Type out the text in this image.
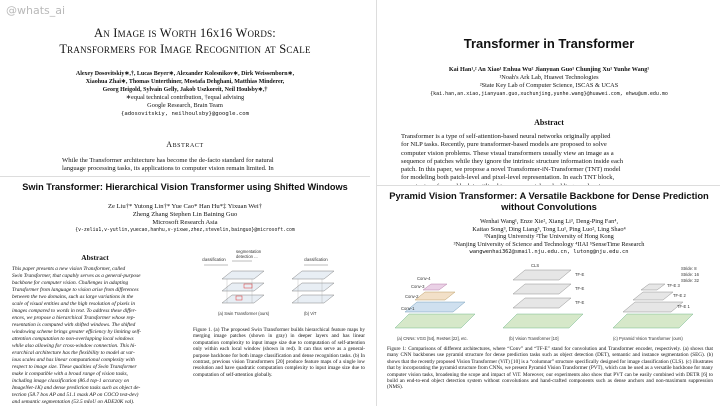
@whats_ai
An Image is Worth 16x16 Words:
Transformers for Image Recognition at Scale
Alexey Dosovitskiy∗,†, Lucas Beyer∗, Alexander Kolesnikov∗, Dirk Weissenborn∗,
Xiaohua Zhai∗, Thomas Unterthiner, Mostafa Dehghani, Matthias Minderer,
Georg Heigold, Sylvain Gelly, Jakob Uszkoreit, Neil Houlsby∗,†
∗equal technical contribution, †equal advising
Google Research, Brain Team
{adosovitskiy, neilhoulsby}@google.com
Abstract
While the Transformer architecture has become the de-facto standard for natural
language processing tasks, its applications to computer vision remain limited. In
Swin Transformer: Hierarchical Vision Transformer using Shifted Windows
Ze Liu†* Yutong Lin†* Yue Cao* Han Hu*‡ Yixuan Wei†
Zheng Zhang Stephen Lin Baining Guo
Microsoft Research Asia
{v-zeliu1,v-yutlin,yuecao,hanhu,v-yixwe,zhez,stevelin,bainguo}@microsoft.com
Abstract
This paper presents a new vision Transformer, called
Swin Transformer, that capably serves as a general-purpose
backbone for computer vision. Challenges in adapting
Transformer from language to vision arise from differences
between the two domains, such as large variations in the
scale of visual entities and the high resolution of pixels in
images compared to words in text. To address these differ-
ences, we propose a hierarchical Transformer whose rep-
resentation is computed with shifted windows. The shifted
windowing scheme brings greater efficiency by limiting self-
attention computation to non-overlapping local windows
while also allowing for cross-window connection. This hi-
erarchical architecture has the flexibility to model at var-
ious scales and has linear computational complexity with
respect to image size. These qualities of Swin Transformer
make it compatible with a broad range of vision tasks,
including image classification (86.4 top-1 accuracy on
ImageNet-1K) and dense prediction tasks such as object de-
tection (58.7 box AP and 51.1 mask AP on COCO test-dev)
and semantic segmentation (53.5 mIoU on ADE20K val).
classification
segmentation
detection ...
classification
(a) Swin Transformer (ours)	(b) ViT
Figure 1. (a) The proposed Swin Transformer builds hierarchical feature maps by merging image patches (shown in gray) in deeper layers and has linear computation complexity to input image size due to computation of self-attention only within each local window (shown in red). It can thus serve as a general-purpose backbone for both image classification and dense recognition tasks. (b) In contrast, previous vision Transformers [20] produce feature maps of a single low resolution and have quadratic computation complexity to input image size due to computation of self-attention globally.
Transformer in Transformer
Kai Han¹,² An Xiao¹ Enhua Wu² Jianyuan Guo¹ Chunjing Xu¹ Yunhe Wang¹
¹Noah's Ark Lab, Huawei Technologies
²State Key Lab of Computer Science, ISCAS & UCAS
{kai.han,an.xiao,jianyuan.guo,xuchunjing,yunhe.wang}@huawei.com, ehwu@um.edu.mo
Abstract
Transformer is a type of self-attention-based neural networks originally applied
for NLP tasks. Recently, pure transformer-based models are proposed to solve
computer vision problems. These visual transformers usually view an image as a
sequence of patches while they ignore the intrinsic structure information inside each
patch. In this paper, we propose a novel Transformer-iN-Transformer (TNT) model
for modeling both patch-level and pixel-level representation. In each TNT block,
Pyramid Vision Transformer: A Versatile Backbone for Dense Prediction
without Convolutions
Wenhai Wang¹, Enze Xie², Xiang Li³, Deng-Ping Fan⁴,
Kaitao Song³, Ding Liang⁵, Tong Lu¹, Ping Luo², Ling Shao⁴
¹Nanjing University ²The University of Hong Kong
³Nanjing University of Science and Technology ⁴IIAI ⁵SenseTime Research
wangwenhai362@smail.nju.edu.cn, lutong@nju.edu.cn
Conv-1
Conv-2
Conv-3
Conv-4
TF-E
TF-E
TF-E
CLS
TF-E 1
TF-E 2
TF-E 3
Stride: 8
Stride: 16
Stride: 32
(a) CNNs: VGG [54], ResNet [22], etc.	(b) Vision Transformer [10]	(c) Pyramid Vision Transformer (ours)
Figure 1: Comparisons of different architectures, where “Conv” and “TF-E” stand for convolution and Transformer encoder, respectively. (a) shows that many CNN backbones use pyramid structure for dense prediction tasks such as object detection (DET), semantic and instance segmentation (SEG). (b) shows that the recently proposed Vision Transformer (ViT) [10] is a “columnar” structure specifically designed for image classification (CLS). (c) illustrates that by incorporating the pyramid structure from CNNs, we present Pyramid Vision Transformer (PVT), which can be used as a versatile backbone for many computer vision tasks, broadening the scope and impact of ViT. Moreover, our experiments also show that PVT can be easily combined with DETR [6] to build an end-to-end object detection system without convolutions and hand-crafted components such as dense anchors and non-maximum suppression (NMS).
